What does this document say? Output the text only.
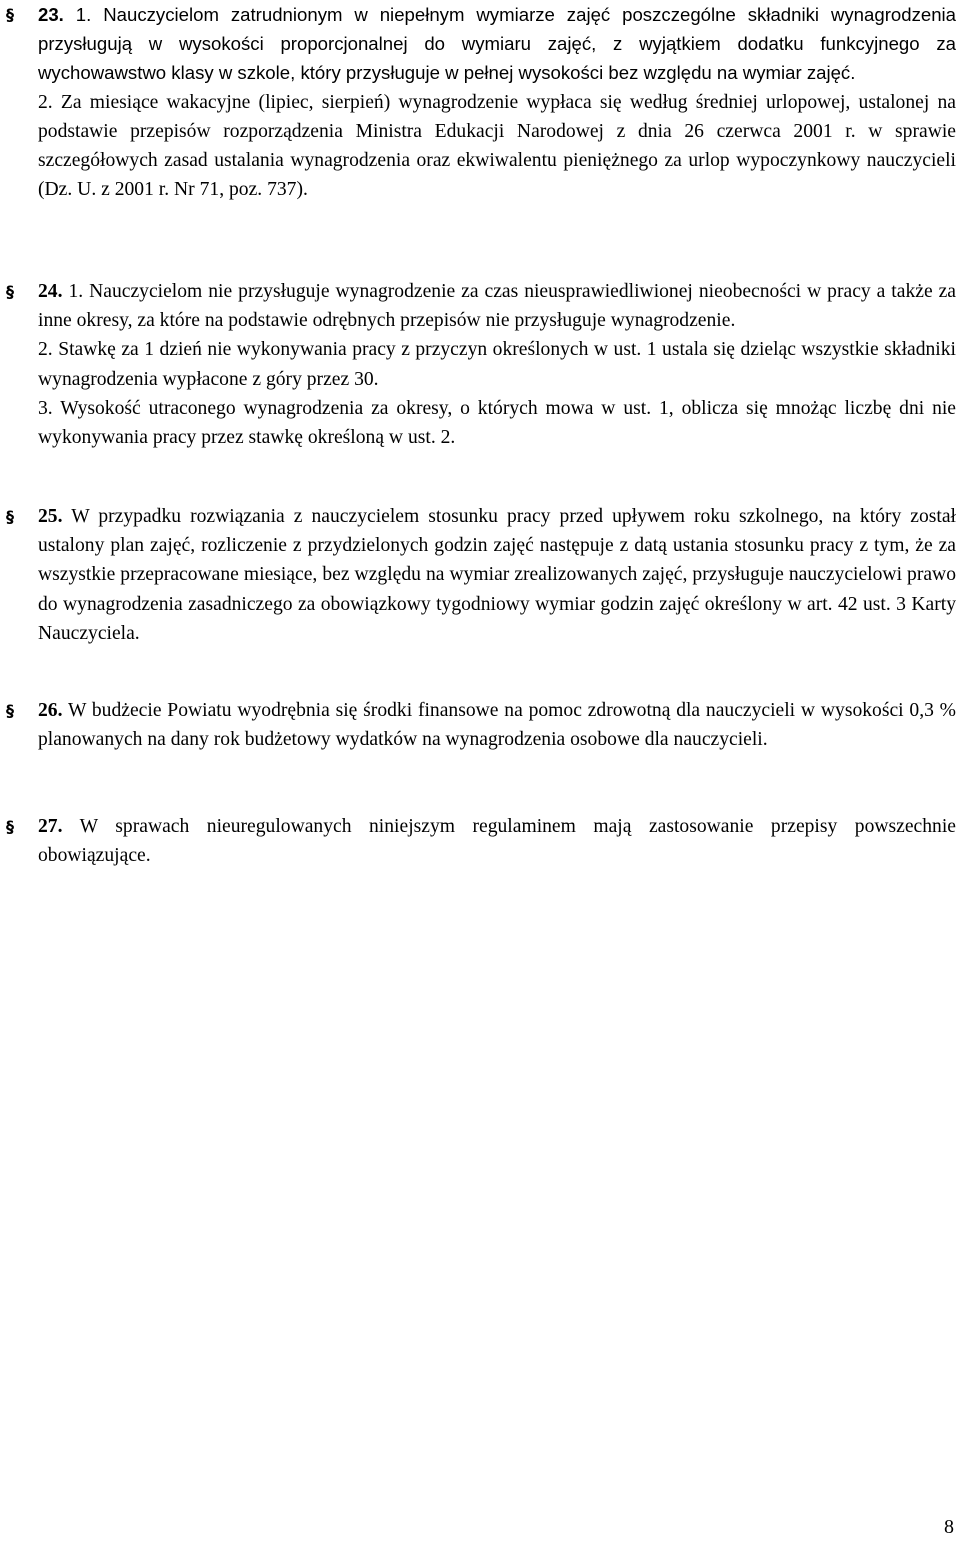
§ 23. 1. Nauczycielom zatrudnionym w niepełnym wymiarze zajęć poszczególne składniki wynagrodzenia przysługują w wysokości proporcjonalnej do wymiaru zajęć, z wyjątkiem dodatku funkcyjnego za wychowawstwo klasy w szkole, który przysługuje w pełnej wysokości bez względu na wymiar zajęć.
2. Za miesiące wakacyjne (lipiec, sierpień) wynagrodzenie wypłaca się według średniej urlopowej, ustalonej na podstawie przepisów rozporządzenia Ministra Edukacji Narodowej z dnia 26 czerwca 2001 r. w sprawie szczegółowych zasad ustalania wynagrodzenia oraz ekwiwalentu pieniężnego za urlop wypoczynkowy nauczycieli (Dz. U. z 2001 r. Nr 71, poz. 737).
§ 24. 1. Nauczycielom nie przysługuje wynagrodzenie za czas nieusprawiedliwionej nieobecności w pracy a także za inne okresy, za które na podstawie odrębnych przepisów nie przysługuje wynagrodzenie.
2. Stawkę za 1 dzień nie wykonywania pracy z przyczyn określonych w ust. 1 ustala się dzieląc wszystkie składniki wynagrodzenia wypłacone z góry przez 30.
3. Wysokość utraconego wynagrodzenia za okresy, o których mowa w ust. 1, oblicza się mnożąc liczbę dni nie wykonywania pracy przez stawkę określoną w ust. 2.
§ 25. W przypadku rozwiązania z nauczycielem stosunku pracy przed upływem roku szkolnego, na który został ustalony plan zajęć, rozliczenie z przydzielonych godzin zajęć następuje z datą ustania stosunku pracy z tym, że za wszystkie przepracowane miesiące, bez względu na wymiar zrealizowanych zajęć, przysługuje nauczycielowi prawo do wynagrodzenia zasadniczego za obowiązkowy tygodniowy wymiar godzin zajęć określony w art. 42 ust. 3 Karty Nauczyciela.
§ 26. W budżecie Powiatu wyodrębnia się środki finansowe na pomoc zdrowotną dla nauczycieli w wysokości 0,3 % planowanych na dany rok budżetowy wydatków na wynagrodzenia osobowe dla nauczycieli.
§ 27. W sprawach nieuregulowanych niniejszym regulaminem mają zastosowanie przepisy powszechnie obowiązujące.
8
